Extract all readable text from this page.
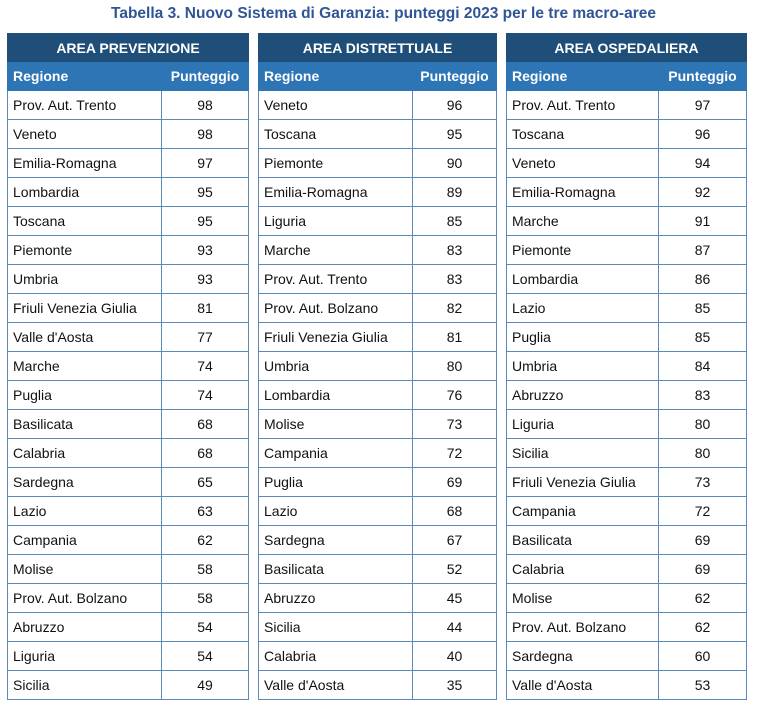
Tabella 3. Nuovo Sistema di Garanzia: punteggi 2023 per le tre macro-aree
AREA PREVENZIONE	
Regione	Punteggio
Prov. Aut. Trento	98
Veneto	98
Emilia-Romagna	97
Lombardia	95
Toscana	95
Piemonte	93
Umbria	93
Friuli Venezia Giulia	81
Valle d'Aosta	77
Marche	74
Puglia	74
Basilicata	68
Calabria	68
Sardegna	65
Lazio	63
Campania	62
Molise	58
Prov. Aut. Bolzano	58
Abruzzo	54
Liguria	54
Sicilia	49
AREA DISTRETTUALE	
Regione	Punteggio
Veneto	96
Toscana	95
Piemonte	90
Emilia-Romagna	89
Liguria	85
Marche	83
Prov. Aut. Trento	83
Prov. Aut. Bolzano	82
Friuli Venezia Giulia	81
Umbria	80
Lombardia	76
Molise	73
Campania	72
Puglia	69
Lazio	68
Sardegna	67
Basilicata	52
Abruzzo	45
Sicilia	44
Calabria	40
Valle d'Aosta	35
AREA OSPEDALIERA	
Regione	Punteggio
Prov. Aut. Trento	97
Toscana	96
Veneto	94
Emilia-Romagna	92
Marche	91
Piemonte	87
Lombardia	86
Lazio	85
Puglia	85
Umbria	84
Abruzzo	83
Liguria	80
Sicilia	80
Friuli Venezia Giulia	73
Campania	72
Basilicata	69
Calabria	69
Molise	62
Prov. Aut. Bolzano	62
Sardegna	60
Valle d'Aosta	53
